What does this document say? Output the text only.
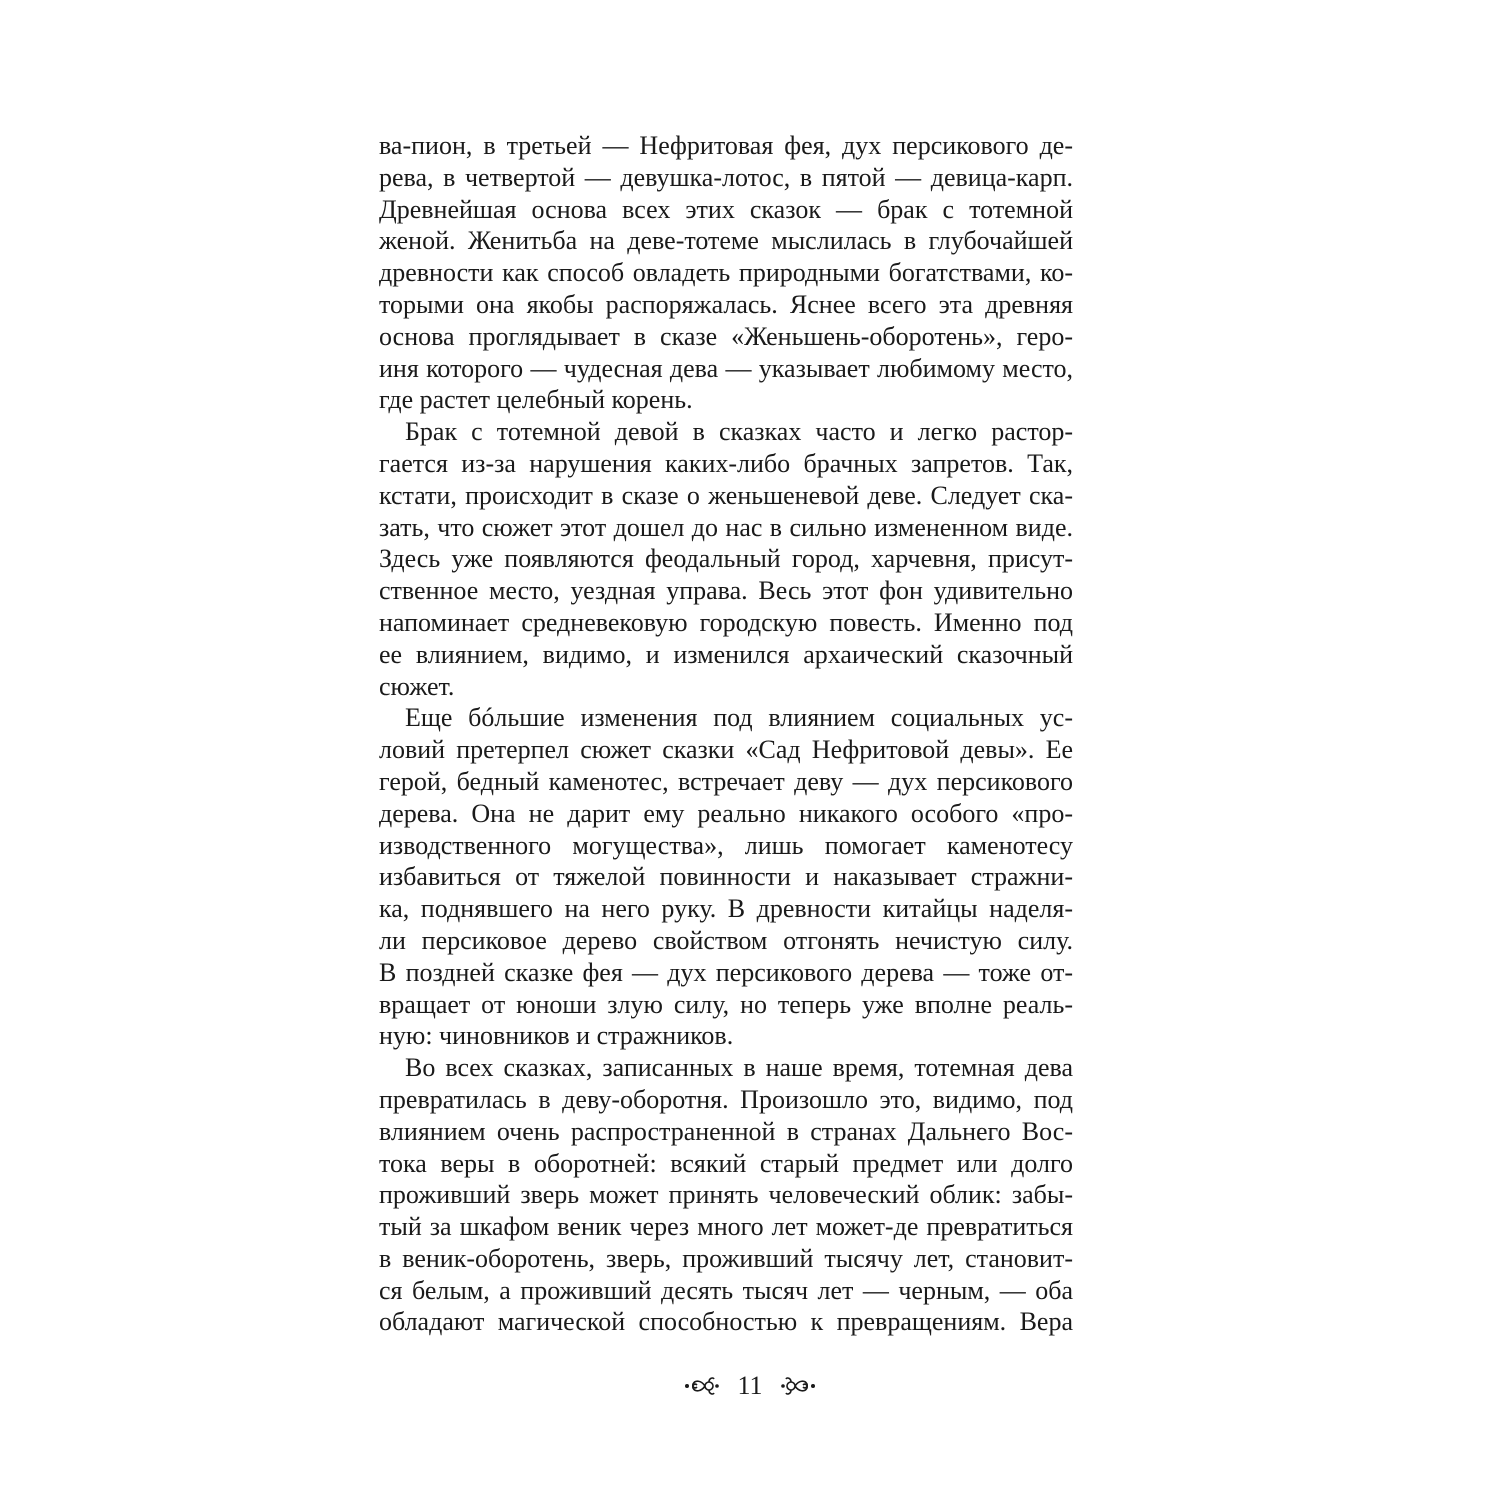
ва-пион, в третьей — Нефритовая фея, дух персикового де-
рева, в четвертой — девушка-лотос, в пятой — девица-карп.
Древнейшая основа всех этих сказок — брак с тотемной
женой. Женитьба на деве-тотеме мыслилась в глубочайшей
древности как способ овладеть природными богатствами, ко-
торыми она якобы распоряжалась. Яснее всего эта древняя
основа проглядывает в сказе «Женьшень-оборотень», геро-
иня которого — чудесная дева — указывает любимому место,
где растет целебный корень.
Брак с тотемной девой в сказках часто и легко растор-
гается из-за нарушения каких-либо брачных запретов. Так,
кстати, происходит в сказе о женьшеневой деве. Следует ска-
зать, что сюжет этот дошел до нас в сильно измененном виде.
Здесь уже появляются феодальный город, харчевня, присут-
ственное место, уездная управа. Весь этот фон удивительно
напоминает средневековую городскую повесть. Именно под
ее влиянием, видимо, и изменился архаический сказочный
сюжет.
Еще бóльшие изменения под влиянием социальных ус-
ловий претерпел сюжет сказки «Сад Нефритовой девы». Ее
герой, бедный каменотес, встречает деву — дух персикового
дерева. Она не дарит ему реально никакого особого «про-
изводственного могущества», лишь помогает каменотесу
избавиться от тяжелой повинности и наказывает стражни-
ка, поднявшего на него руку. В древности китайцы наделя-
ли персиковое дерево свойством отгонять нечистую силу.
В поздней сказке фея — дух персикового дерева — тоже от-
вращает от юноши злую силу, но теперь уже вполне реаль-
ную: чиновников и стражников.
Во всех сказках, записанных в наше время, тотемная дева
превратилась в деву-оборотня. Произошло это, видимо, под
влиянием очень распространенной в странах Дальнего Вос-
тока веры в оборотней: всякий старый предмет или долго
проживший зверь может принять человеческий облик: забы-
тый за шкафом веник через много лет может-де превратиться
в веник-оборотень, зверь, проживший тысячу лет, становит-
ся белым, а проживший десять тысяч лет — черным, — оба
обладают магической способностью к превращениям. Вера
11
